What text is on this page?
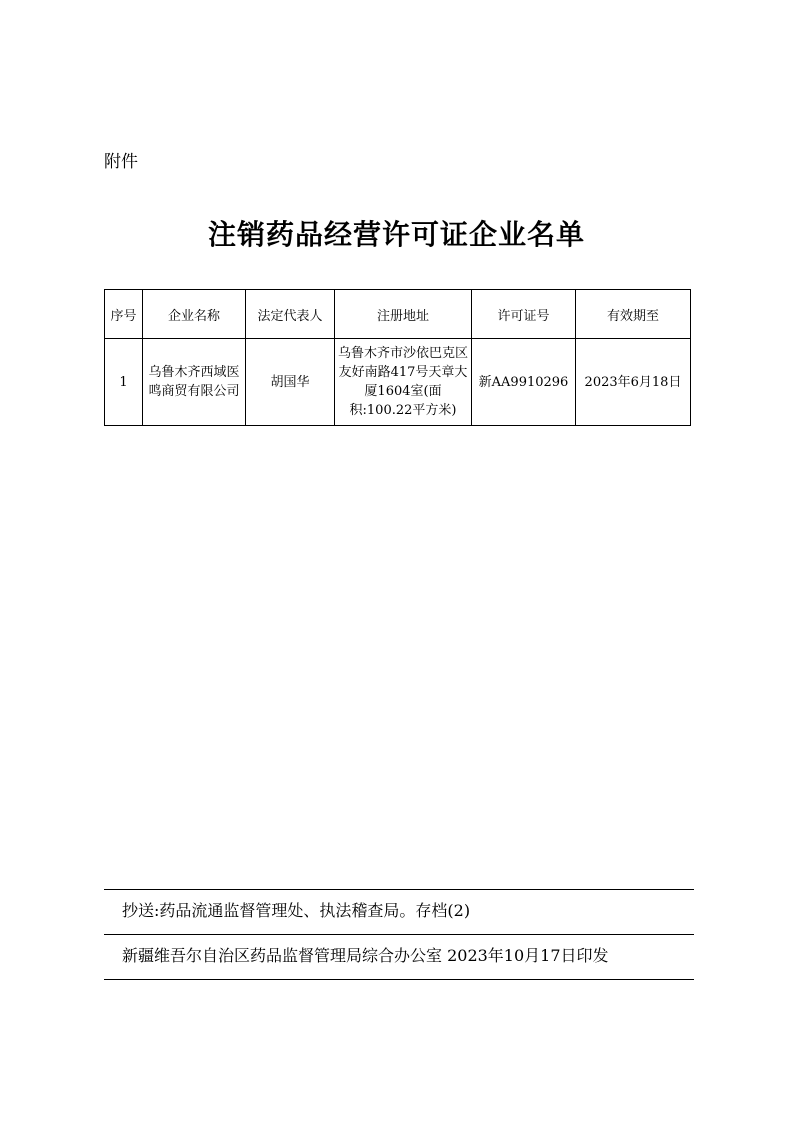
附件
注销药品经营许可证企业名单
序号	企业名称	法定代表人	注册地址	许可证号	有效期至
1	乌鲁木齐西域医鸣商贸有限公司	胡国华	乌鲁木齐市沙依巴克区友好南路417号天章大厦1604室(面积:100.22平方米)	新AA9910296	2023年6月18日
抄送:药品流通监督管理处、执法稽查局。存档(2)
新疆维吾尔自治区药品监督管理局综合办公室 2023年10月17日印发
